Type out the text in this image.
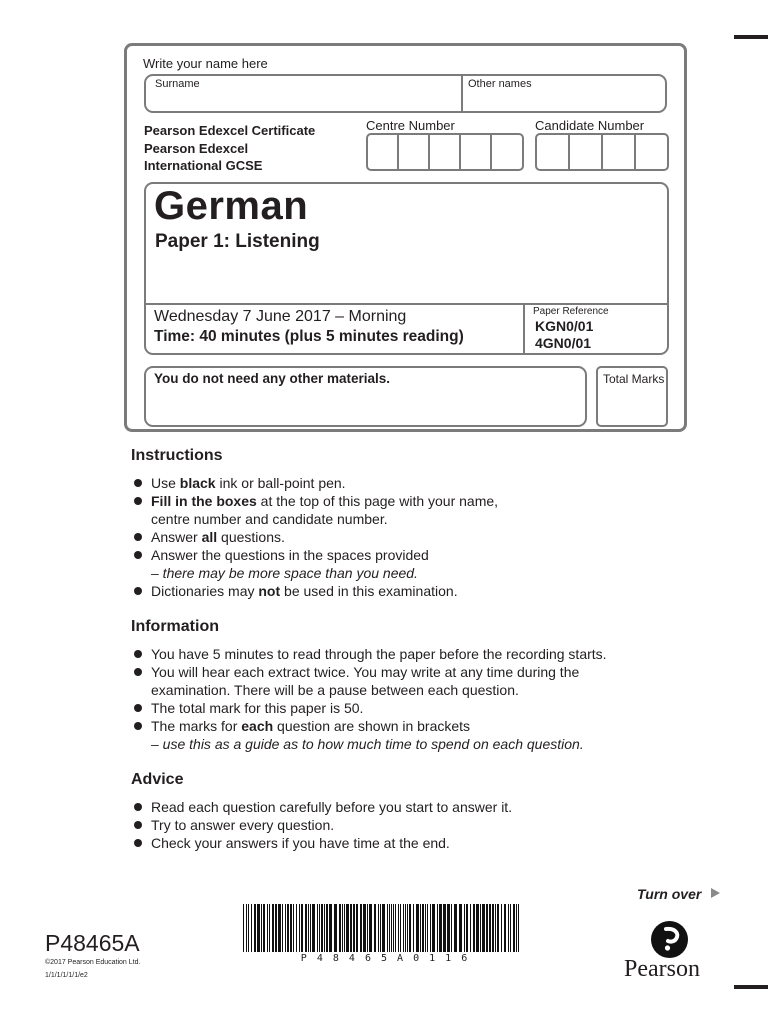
Write your name here
Surname	Other names
Pearson Edexcel Certificate
Pearson Edexcel
International GCSE
Centre Number	Candidate Number
German
Paper 1: Listening
Wednesday 7 June 2017 – Morning
Time: 40 minutes (plus 5 minutes reading)
Paper Reference
KGN0/01
4GN0/01
You do not need any other materials.	Total Marks
Instructions
Use black ink or ball-point pen.
Fill in the boxes at the top of this page with your name,
centre number and candidate number.
Answer all questions.
Answer the questions in the spaces provided
– there may be more space than you need.
Dictionaries may not be used in this examination.
Information
You have 5 minutes to read through the paper before the recording starts.
You will hear each extract twice. You may write at any time during the
examination. There will be a pause between each question.
The total mark for this paper is 50.
The marks for each question are shown in brackets
– use this as a guide as to how much time to spend on each question.
Advice
Read each question carefully before you start to answer it.
Try to answer every question.
Check your answers if you have time at the end.
Turn over
P48465A
©2017 Pearson Education Ltd.
1/1/1/1/1/1/e2
P 4 8 4 6 5 A 0 1 1 6	Pearson
